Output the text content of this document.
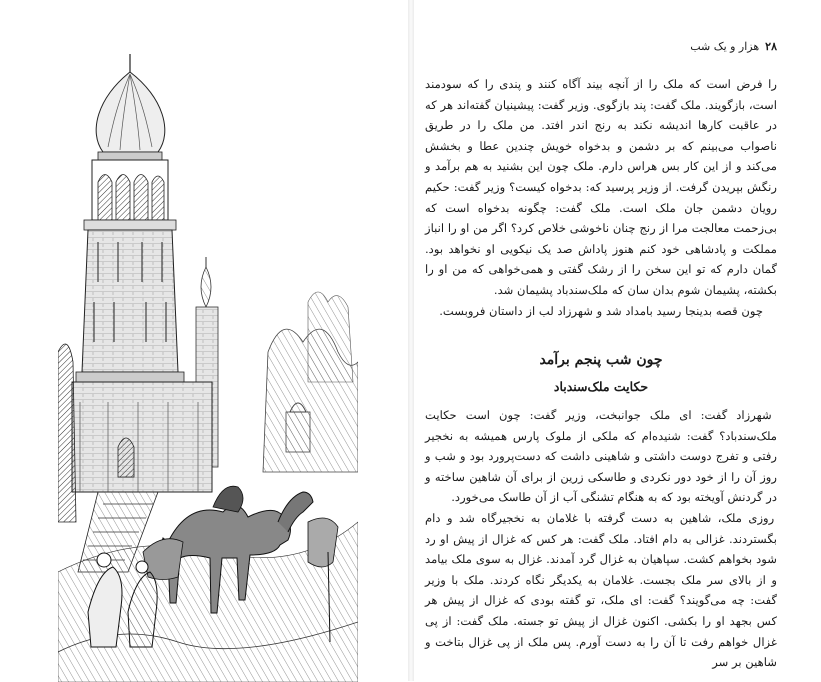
۲۸هزار و یک شب

را فرض است که ملک را از آنچه بیند آگاه کنند و پندی را که سودمند است، بازگویند. ملک گفت: پند بازگوی. وزیر گفت: پیشینیان گفته‌اند هر که در عاقبت کارها اندیشه نکند به رنج اندر افتد. من ملک را در طریق ناصواب می‌بینم که بر دشمن و بدخواه خویش چندین عطا و بخشش می‌کند و از این کار بس هراس دارم. ملک چون این بشنید به هم برآمد و رنگش بپریدن گرفت. از وزیر پرسید که: بدخواه کیست؟ وزیر گفت: حکیم رویان دشمن جان ملک است. ملک گفت: چگونه بدخواه است که بی‌زحمت معالجت مرا از رنج چنان ناخوشی خلاص کرد؟ اگر من او را انباز مملکت و پادشاهی خود کنم هنوز پاداش صد یک نیکویی او نخواهد بود. گمان دارم که تو این سخن را از رشک گفتی و همی‌خواهی که من او را بکشته، پشیمان شوم بدان سان که ملک‌سندباد پشیمان شد.

چون قصه بدینجا رسید بامداد شد و شهرزاد لب از داستان فروبست.

چون شب پنجم برآمد
حکایت ملک‌سندباد

شهرزاد گفت: ای ملک جوانبخت، وزیر گفت: چون است حکایت ملک‌سندباد؟ گفت: شنیده‌ام که ملکی از ملوک پارس همیشه به نخجیر رفتی و تفرج دوست داشتی و شاهینی داشت که دست‌پرورد بود و شب و روز آن را از خود دور نکردی و طاسکی زرین از برای آن شاهین ساخته و در گردنش آویخته بود که به هنگام تشنگی آب از آن طاسک می‌خورد.

روزی ملک، شاهین به دست گرفته با غلامان به نخجیرگاه شد و دام بگستردند. غزالی به دام افتاد. ملک گفت: هر کس که غزال از پیش او رد شود بخواهم کشت. سپاهیان به غزال گرد آمدند. غزال به سوی ملک بیامد و از بالای سر ملک بجست. غلامان به یکدیگر نگاه کردند. ملک با وزیر گفت: چه می‌گویند؟ گفت: ای ملک، تو گفته بودی که غزال از پیش هر کس بجهد او را بکشی. اکنون غزال از پیش تو جسته. ملک گفت: از پی غزال خواهم رفت تا آن را به دست آورم. پس ملک از پی غزال بتاخت و شاهین بر سر
